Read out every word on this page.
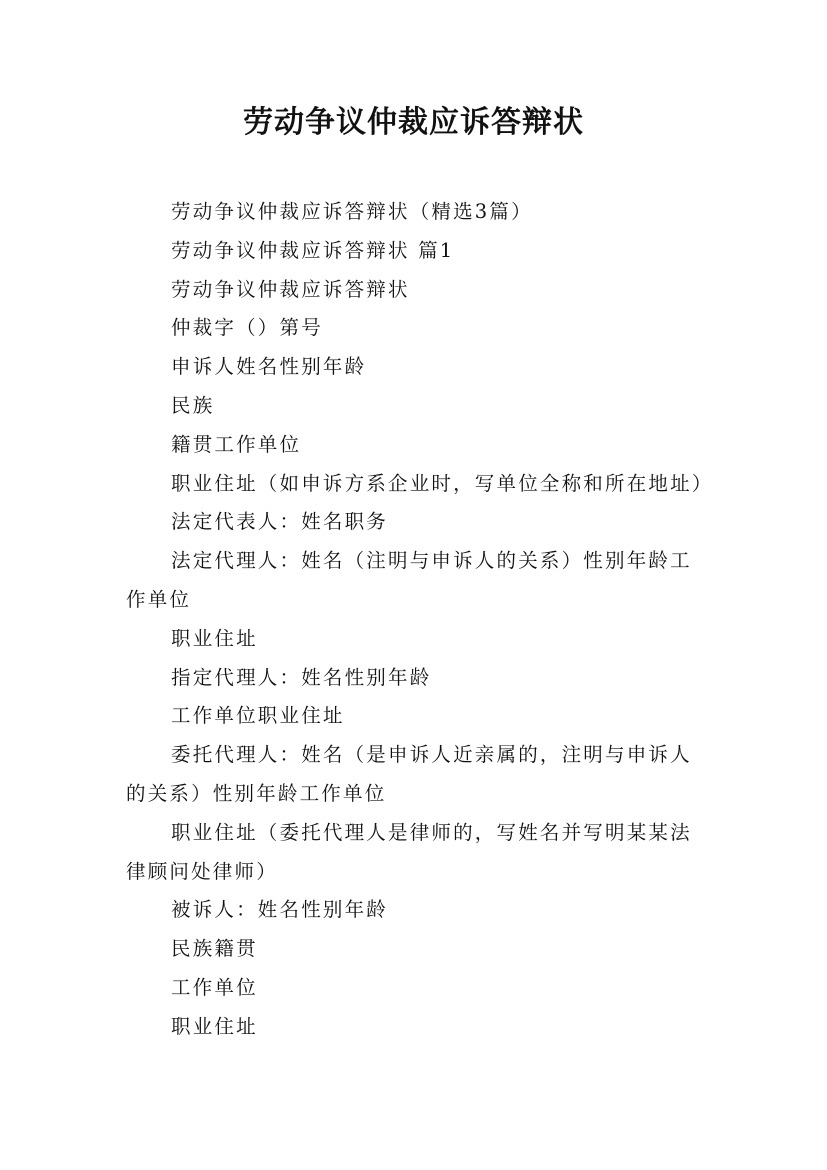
劳动争议仲裁应诉答辩状

劳动争议仲裁应诉答辩状（精选3篇）

劳动争议仲裁应诉答辩状 篇1

劳动争议仲裁应诉答辩状

仲裁字（）第号

申诉人姓名性别年龄

民族

籍贯工作单位

职业住址（如申诉方系企业时，写单位全称和所在地址）

法定代表人：姓名职务

法定代理人：姓名（注明与申诉人的关系）性别年龄工作单位

职业住址

指定代理人：姓名性别年龄

工作单位职业住址

委托代理人：姓名（是申诉人近亲属的，注明与申诉人的关系）性别年龄工作单位

职业住址（委托代理人是律师的，写姓名并写明某某法律顾问处律师）

被诉人：姓名性别年龄

民族籍贯

工作单位

职业住址
